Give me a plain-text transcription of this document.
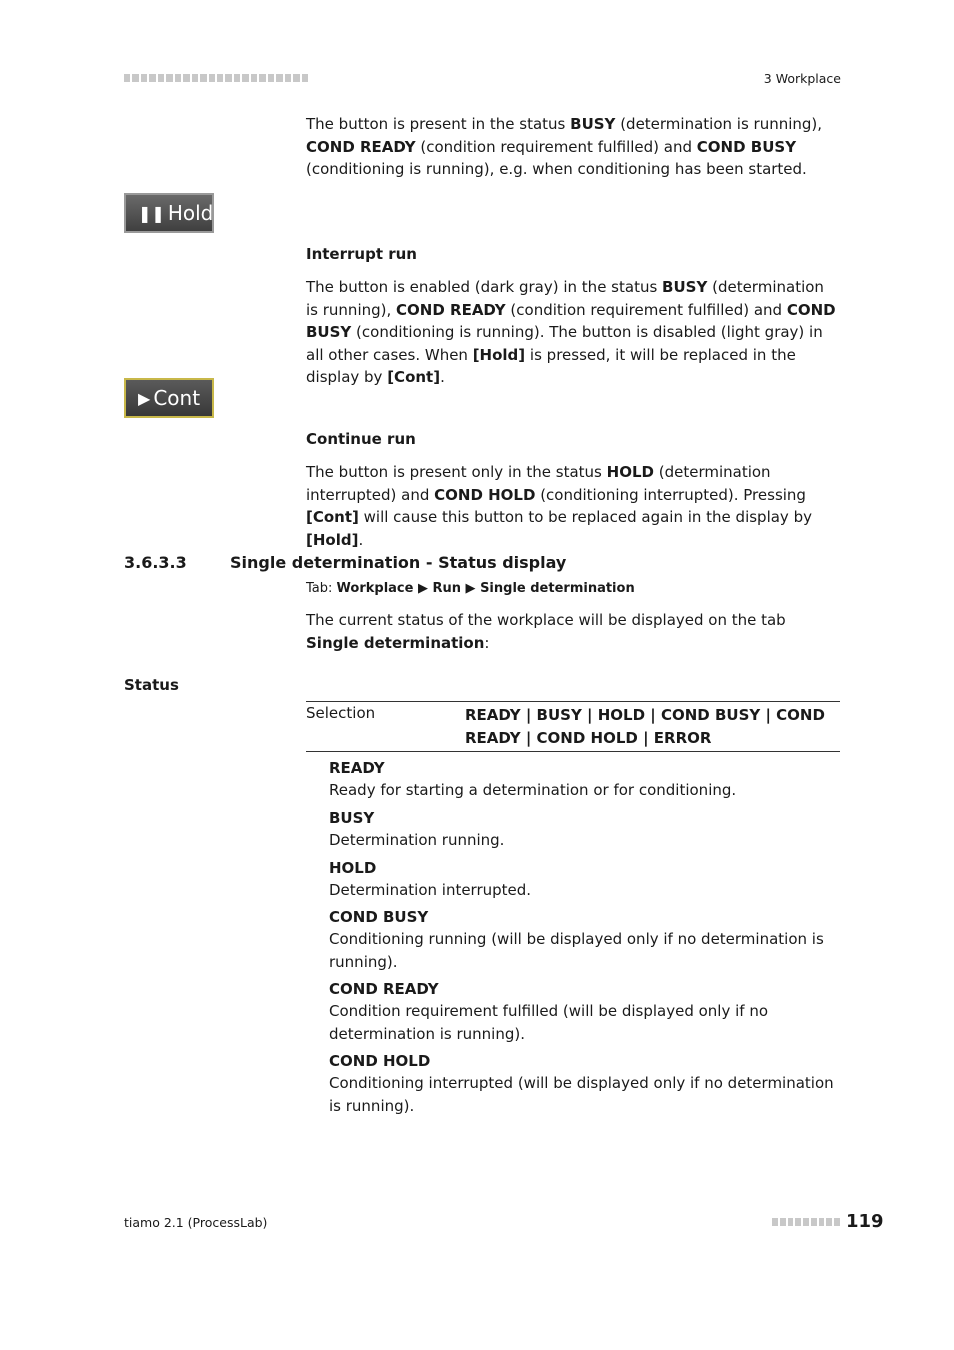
3 Workplace
The button is present in the status BUSY (determination is running), COND READY (condition requirement fulfilled) and COND BUSY (conditioning is running), e.g. when conditioning has been started.
❚❚ Hold
Interrupt run
The button is enabled (dark gray) in the status BUSY (determination is running), COND READY (condition requirement fulfilled) and COND BUSY (conditioning is running). The button is disabled (light gray) in all other cases. When [Hold] is pressed, it will be replaced in the display by [Cont].
▶ Cont
Continue run
The button is present only in the status HOLD (determination interrupted) and COND HOLD (conditioning interrupted). Pressing [Cont] will cause this button to be replaced again in the display by [Hold].
3.6.3.3	Single determination - Status display
Tab: Workplace ▶ Run ▶ Single determination
The current status of the workplace will be displayed on the tab Single determination:
Status
Selection	READY | BUSY | HOLD | COND BUSY | COND READY | COND HOLD | ERROR
READY
Ready for starting a determination or for conditioning.
BUSY
Determination running.
HOLD
Determination interrupted.
COND BUSY
Conditioning running (will be displayed only if no determination is running).
COND READY
Condition requirement fulfilled (will be displayed only if no determination is running).
COND HOLD
Conditioning interrupted (will be displayed only if no determination is running).
tiamo 2.1 (ProcessLab)	119
